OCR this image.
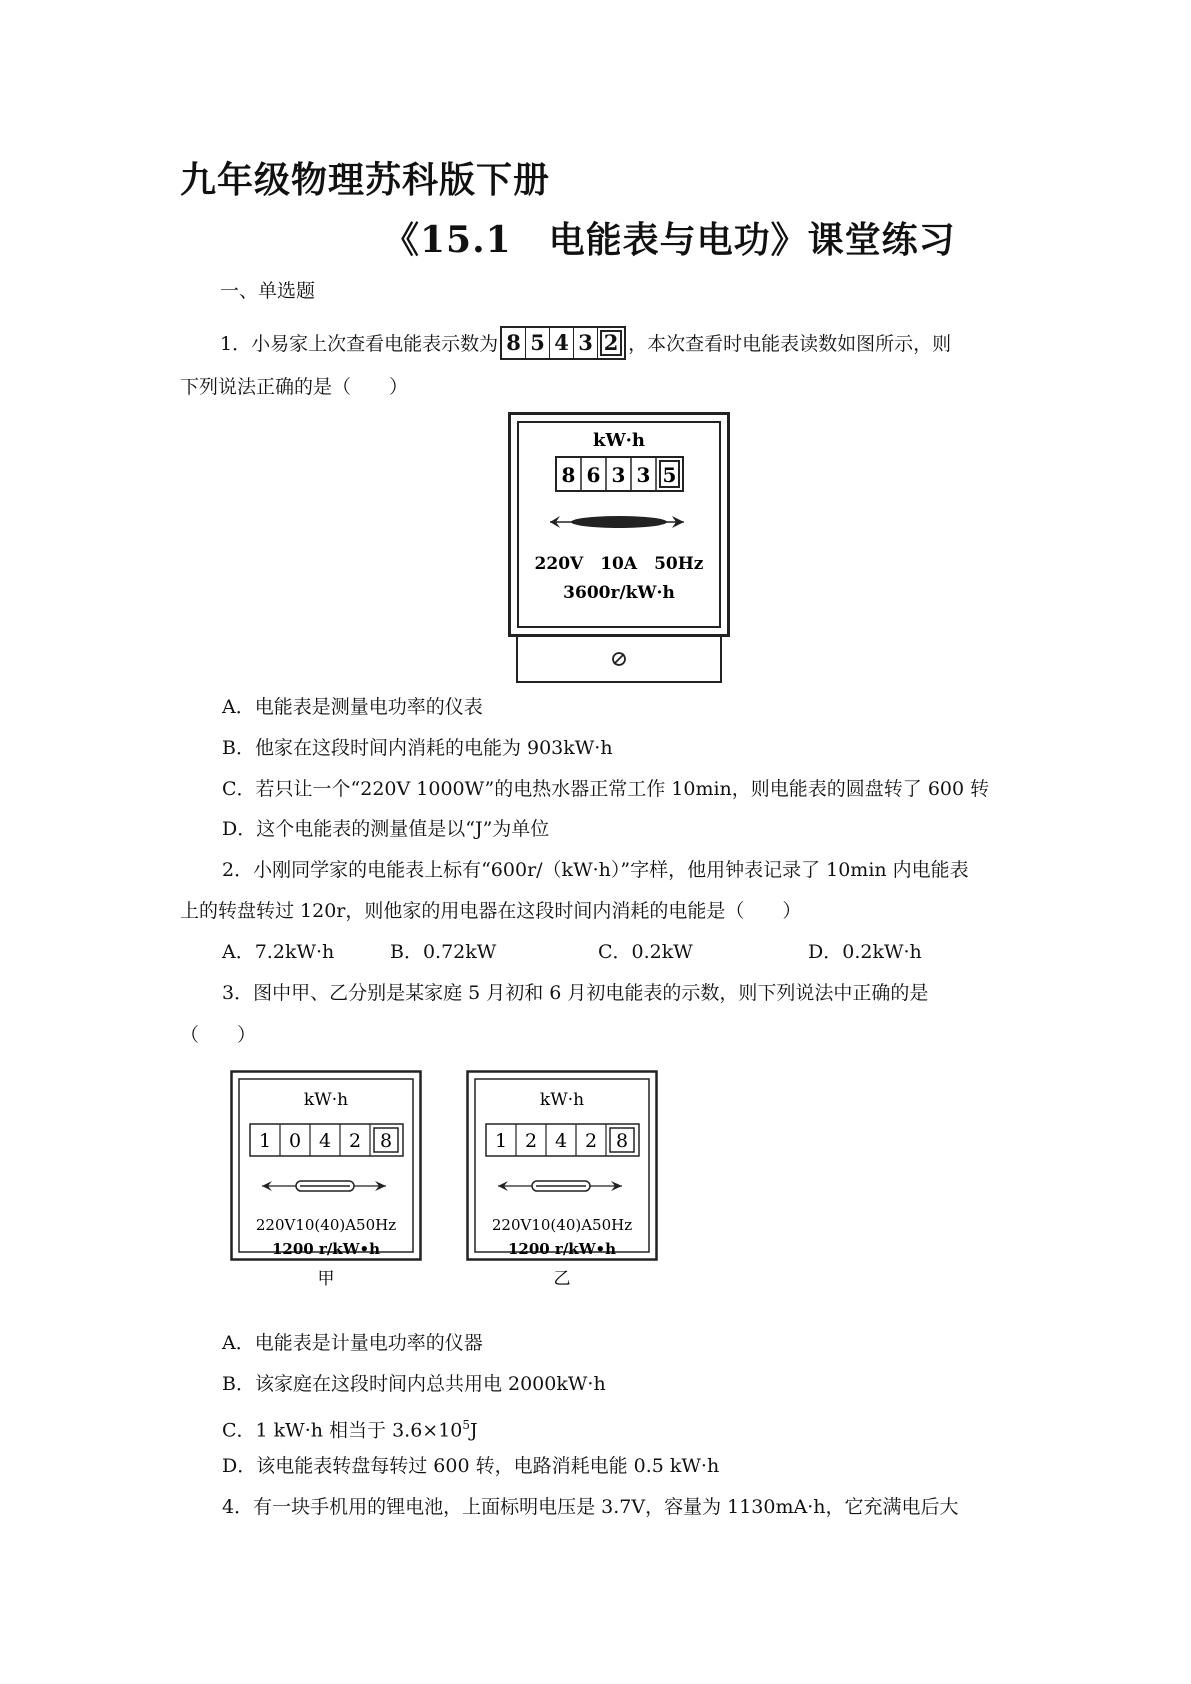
九年级物理苏科版下册
《15.1　电能表与电功》课堂练习
一、单选题
1．小易家上次查看电能表示数为 8 5 4 3 2 ，本次查看时电能表读数如图所示，则
下列说法正确的是（　　）
kW·h
8 6 3 3 5
220V　10A　50Hz
3600r/kW·h
A．电能表是测量电功率的仪表
B．他家在这段时间内消耗的电能为 903kW·h
C．若只让一个“220V 1000W”的电热水器正常工作 10min，则电能表的圆盘转了 600 转
D．这个电能表的测量值是以“J”为单位
2．小刚同学家的电能表上标有“600r/（kW·h）”字样，他用钟表记录了 10min 内电能表
上的转盘转过 120r，则他家的用电器在这段时间内消耗的电能是（　　）
A．7.2kW·h	B．0.72kW	C．0.2kW	D．0.2kW·h
3．图中甲、乙分别是某家庭 5 月初和 6 月初电能表的示数，则下列说法中正确的是
（　　）
kW·h
1 0 4 2 8
220V10(40)A50Hz
1200 r/kW•h
甲
kW·h
1 2 4 2 8
220V10(40)A50Hz
1200 r/kW•h
乙
A．电能表是计量电功率的仪器
B．该家庭在这段时间内总共用电 2000kW·h
C．1 kW·h 相当于 $3.6\times 10^5J$
D．该电能表转盘每转过 600 转，电路消耗电能 0.5 kW·h
4．有一块手机用的锂电池，上面标明电压是 3.7V，容量为 1130mA·h，它充满电后大
